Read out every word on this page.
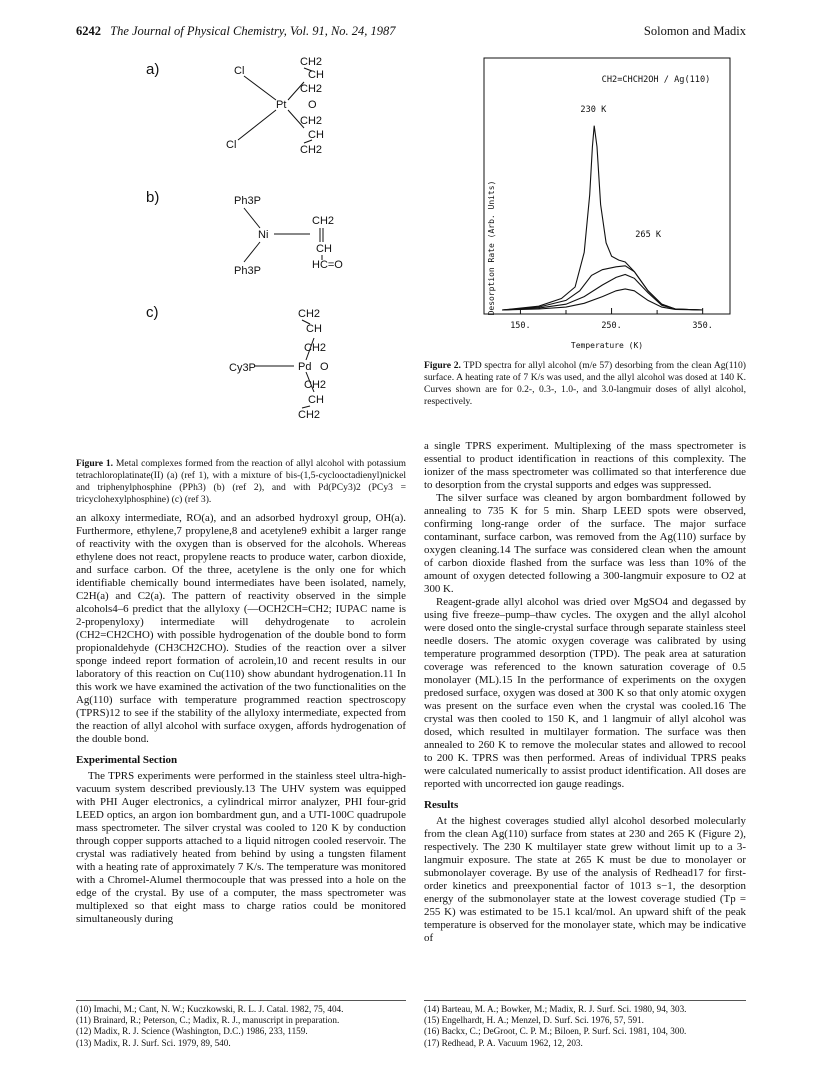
6242 The Journal of Physical Chemistry, Vol. 91, No. 24, 1987	Solomon and Madix
a)	Cl
Cl
Pt
CH2
CH
CH2
O
CH2
CH
CH2
b)	Ph3P
Ph3P
Ni
CH2
CH
HC=O
c)
Cy3P	Pd
CH2
CH
CH2
O
CH2
CH
CH2
Figure 1. Metal complexes formed from the reaction of allyl alcohol with potassium tetrachloroplatinate(II) (a) (ref 1), with a mixture of bis-(1,5-cyclooctadienyl)nickel and triphenylphosphine (PPh3) (b) (ref 2), and with Pd(PCy3)2 (PCy3 = tricyclohexylphosphine) (c) (ref 3).
CH2=CHCH2OH / Ag(110)
Temperature (K)
Desorption Rate (Arb. Units)
150.	250.	350.
230 K
265 K
Figure 2. TPD spectra for allyl alcohol (m/e 57) desorbing from the clean Ag(110) surface. A heating rate of 7 K/s was used, and the allyl alcohol was dosed at 140 K. Curves shown are for 0.2-, 0.3-, 1.0-, and 3.0-langmuir doses of allyl alcohol, respectively.

an alkoxy intermediate, RO(a), and an adsorbed hydroxyl group, OH(a). Furthermore, ethylene,7 propylene,8 and acetylene9 exhibit a larger range of reactivity with the oxygen than is observed for the alcohols. Whereas ethylene does not react, propylene reacts to produce water, carbon dioxide, and surface carbon. Of the three, acetylene is the only one for which identifiable chemically bound intermediates have been isolated, namely, C2H(a) and C2(a). The pattern of reactivity observed in the simple alcohols4–6 predict that the allyloxy (—OCH2CH=CH2; IUPAC name is 2-propenyloxy) intermediate will dehydrogenate to acrolein (CH2=CH2CHO) with possible hydrogenation of the double bond to form propionaldehyde (CH3CH2CHO). Studies of the reaction over a silver sponge indeed report formation of acrolein,10 and recent results in our laboratory of this reaction on Cu(110) show abundant hydrogenation.11 In this work we have examined the activation of the two functionalities on the Ag(110) surface with temperature programmed reaction spectroscopy (TPRS)12 to see if the stability of the allyloxy intermediate, expected from the reaction of allyl alcohol with surface oxygen, affords hydrogenation of the double bond.

Experimental Section

The TPRS experiments were performed in the stainless steel ultra-high-vacuum system described previously.13 The UHV system was equipped with PHI Auger electronics, a cylindrical mirror analyzer, PHI four-grid LEED optics, an argon ion bombardment gun, and a UTI-100C quadrupole mass spectrometer. The silver crystal was cooled to 120 K by conduction through copper supports attached to a liquid nitrogen cooled reservoir. The crystal was radiatively heated from behind by using a tungsten filament with a heating rate of approximately 7 K/s. The temperature was monitored with a Chromel-Alumel thermocouple that was pressed into a hole on the edge of the crystal. By use of a computer, the mass spectrometer was multiplexed so that eight mass to charge ratios could be monitored simultaneously during

a single TPRS experiment. Multiplexing of the mass spectrometer is essential to product identification in reactions of this complexity. The ionizer of the mass spectrometer was collimated so that interference due to desorption from the crystal supports and edges was suppressed.

The silver surface was cleaned by argon bombardment followed by annealing to 735 K for 5 min. Sharp LEED spots were observed, confirming long-range order of the surface. The major surface contaminant, surface carbon, was removed from the Ag(110) surface by oxygen cleaning.14 The surface was considered clean when the amount of carbon dioxide flashed from the surface was less than 10% of the amount of oxygen detected following a 300-langmuir exposure to O2 at 300 K.

Reagent-grade allyl alcohol was dried over MgSO4 and degassed by using five freeze–pump–thaw cycles. The oxygen and the allyl alcohol were dosed onto the single-crystal surface through separate stainless steel needle dosers. The atomic oxygen coverage was calibrated by using temperature programmed desorption (TPD). The peak area at saturation coverage was referenced to the known saturation coverage of 0.5 monolayer (ML).15 In the performance of experiments on the oxygen predosed surface, oxygen was dosed at 300 K so that only atomic oxygen was present on the surface even when the crystal was cooled.16 The crystal was then cooled to 150 K, and 1 langmuir of allyl alcohol was dosed, which resulted in multilayer formation. The surface was then annealed to 260 K to remove the molecular states and allowed to recool to 200 K. TPRS was then performed. Areas of individual TPRS peaks were calculated numerically to assist product identification. All doses are reported with uncorrected ion gauge readings.

Results

At the highest coverages studied allyl alcohol desorbed molecularly from the clean Ag(110) surface from states at 230 and 265 K (Figure 2), respectively. The 230 K multilayer state grew without limit up to a 3-langmuir exposure. The state at 265 K must be due to monolayer or submonolayer coverage. By use of the analysis of Redhead17 for first-order kinetics and preexponential factor of 1013 s−1, the desorption energy of the submonolayer state at the lowest coverage studied (Tp = 255 K) was estimated to be 15.1 kcal/mol. An upward shift of the peak temperature is observed for the monolayer state, which may be indicative of

(10) Imachi, M.; Cant, N. W.; Kuczkowski, R. L. J. Catal. 1982, 75, 404.
(11) Brainard, R.; Peterson, C.; Madix, R. J., manuscript in preparation.
(12) Madix, R. J. Science (Washington, D.C.) 1986, 233, 1159.
(13) Madix, R. J. Surf. Sci. 1979, 89, 540.
(14) Barteau, M. A.; Bowker, M.; Madix, R. J. Surf. Sci. 1980, 94, 303.
(15) Engelhardt, H. A.; Menzel, D. Surf. Sci. 1976, 57, 591.
(16) Backx, C.; DeGroot, C. P. M.; Biloen, P. Surf. Sci. 1981, 104, 300.
(17) Redhead, P. A. Vacuum 1962, 12, 203.
